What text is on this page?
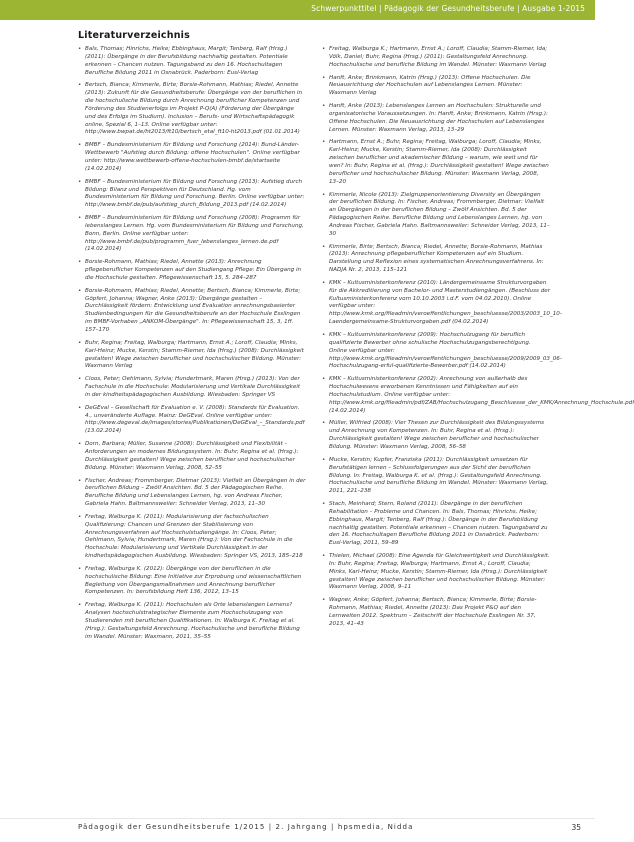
Schwerpunkttitel | Pädagogik der Gesundheitsberufe | Ausgabe 1-2015
Literaturverzeichnis

• Bals, Thomas; Hinrichs, Heike; Ebbinghaus, Margit; Tenberg, Ralf (Hrsg.) (2011): Übergänge in der Berufsbildung nachhaltig gestalten. Potentiale erkennen – Chancen nutzen. Tagungsband zu den 16. Hochschultagen Berufliche Bildung 2011 in Osnabrück. Paderborn: Eusl-Verlag

• Bertsch, Bianca; Kimmerle, Birte; Borsie-Rohmann, Mathias; Riedel, Annette (2013): Zukunft für die Gesundheitsberufe: Übergänge von der beruflichen in die hochschulische Bildung durch Anrechnung beruflicher Kompetenzen und Förderung des Studienerfolgs im Projekt P-Q(A) (Förderung der Übergänge und des Erfolgs im Studium). Inclusion – Berufs- und Wirtschaftspädagogik online, Spezial 6, 1–13. Online verfügbar unter: http://www.bwpat.de/ht2013/ft10/bertsch_etal_ft10-ht2013.pdf (01.01.2014)

• BMBF – Bundesministerium für Bildung und Forschung (2014): Bund-Länder-Wettbewerb "Aufstieg durch Bildung: offene Hochschulen". Online verfügbar unter: http://www.wettbewerb-offene-hochschulen-bmbf.de/startseite (14.02.2014)

• BMBF – Bundesministerium für Bildung und Forschung (2013): Aufstieg durch Bildung: Bilanz und Perspektiven für Deutschland. Hg. vom Bundesministerium für Bildung und Forschung. Berlin. Online verfügbar unter: http://www.bmbf.de/pub/aufstieg_durch_Bildung_2013.pdf (14.02.2014)

• BMBF – Bundesministerium für Bildung und Forschung (2008): Programm für lebenslanges Lernen. Hg. vom Bundesministerium für Bildung und Forschung, Bonn, Berlin. Online verfügbar unter: http://www.bmbf.de/pub/programm_fuer_lebenslanges_lernen.de.pdf (14.02.2014)

• Borsie-Rohmann, Mathias; Riedel, Annette (2013): Anrechnung pflegeberuflicher Kompetenzen auf den Studiengang Pflege: Ein Übergang in die Hochschule gestalten. Pflegewissenschaft 15, 5. 284–287

• Borsie-Rohmann, Mathias; Riedel, Annette; Bertsch, Bianca; Kimmerle, Birte; Göpfert, Johanna; Wagner, Anke (2013): Übergänge gestalten – Durchlässigkeit fördern: Entwicklung und Evaluation anrechnungsbasierter Studienbedingungen für die Gesundheitsberufe an der Hochschule Esslingen im BMBF-Vorhaben „ANKOM-Übergänge". In: Pflegewissenschaft 15, 3, 1ff. 157–170

• Buhr, Regina; Freitag, Walburga; Hartmann, Ernst A.; Loroff, Claudia; Minks, Karl-Heinz; Mucke, Kerstin; Stamm-Riemer, Ida (Hrsg.) (2008): Durchlässigkeit gestalten! Wege zwischen beruflicher und hochschulischer Bildung. Münster: Waxmann Verlag

• Cloos, Peter; Oehlmann, Sylvia; Hundertmark, Maren (Hrsg.) (2013): Von der Fachschule in die Hochschule: Modularisierung und Vertikale Durchlässigkeit in der kindheitspädagogischen Ausbildung. Wiesbaden: Springer VS

• DeGEval – Gesellschaft für Evaluation e. V. (2008): Standards für Evaluation. 4., unveränderte Auflage. Mainz: DeGEval. Online verfügbar unter: http://www.degeval.de/images/stories/Publikationen/DeGEval_–_Standards.pdf (13.02.2014)

• Dorn, Barbara; Müller, Susanne (2008): Durchlässigkeit und Flexibilität – Anforderungen an modernes Bildungssystem. In: Buhr, Regina et al. (Hrsg.): Durchlässigkeit gestalten! Wege zwischen beruflicher und hochschulischer Bildung. Münster: Waxmann Verlag, 2008, 52–55

• Fischer, Andreas; Frommberger, Dietmar (2013): Vielfalt an Übergängen in der beruflichen Bildung – Zwölf Ansichten. Bd. 5 der Pädagogischen Reihe. Berufliche Bildung und Lebenslanges Lernen, hg. von Andreas Fischer, Gabriela Hahn. Baltmannsweiler: Schneider Verlag, 2013, 11–30

• Freitag, Walburga K. (2011): Modularisierung der fachschulischen Qualifizierung: Chancen und Grenzen der Stabilisierung von Anrechnungsverfahren auf Hochschulstudiengänge. In: Cloos, Peter; Oehlmann, Sylvia; Hundertmark, Maren (Hrsg.): Von der Fachschule in die Hochschule: Modularisierung und Vertikale Durchlässigkeit in der kindheitspädagogischen Ausbildung. Wiesbaden: Springer VS, 2013, 185–218

• Freitag, Walburga K. (2012): Übergänge von der beruflichen in die hochschulische Bildung: Eine Initiative zur Erprobung und wissenschaftlichen Begleitung von Übergangsmaßnahmen und Anrechnung beruflicher Kompetenzen. In: berufsbildung Heft 136, 2012, 13–15

• Freitag, Walburga K. (2011): Hochschulen als Orte lebenslangen Lernens? Analysen hochschulstrategischer Elemente zum Hochschulzugang von Studierenden mit beruflichen Qualifikationen. In: Walburga K. Freitag et al. (Hrsg.): Gestaltungsfeld Anrechnung. Hochschulische und berufliche Bildung im Wandel. Münster: Waxmann, 2011, 35–55

• Freitag, Walburga K.; Hartmann, Ernst A.; Loroff, Claudia; Stamm-Riemer, Ida; Völk, Daniel; Buhr, Regina (Hrsg.) (2011): Gestaltungsfeld Anrechnung. Hochschulische und berufliche Bildung im Wandel. Münster: Waxmann Verlag

• Hanft, Anke; Brinkmann, Katrin (Hrsg.) (2013): Offene Hochschulen. Die Neuausrichtung der Hochschulen auf Lebenslanges Lernen. Münster: Waxmann Verlag

• Hanft, Anke (2013): Lebenslanges Lernen an Hochschulen: Strukturelle und organisatorische Voraussetzungen. In: Hanft, Anke; Brinkmann, Katrin (Hrsg.): Offene Hochschulen. Die Neuausrichtung der Hochschulen auf Lebenslanges Lernen. Münster: Waxmann Verlag, 2013, 13–29

• Hartmann, Ernst A.; Buhr, Regina; Freitag, Walburga; Loroff, Claudia; Minks, Karl-Heinz; Mucke, Kerstin; Stamm-Riemer, Ida (2008): Durchlässigkeit zwischen beruflicher und akademischer Bildung – warum, wie weit und für wen? In: Buhr, Regina et al. (Hrsg.): Durchlässigkeit gestalten! Wege zwischen beruflicher und hochschulischer Bildung. Münster: Waxmann Verlag, 2008, 13–20

• Kimmerle, Nicole (2013): Zielgruppenorientierung Diversity an Übergängen der beruflichen Bildung. In: Fischer, Andreas; Frommberger, Dietmar: Vielfalt an Übergängen in der beruflichen Bildung – Zwölf Ansichten. Bd. 5 der Pädagogischen Reihe. Berufliche Bildung und Lebenslanges Lernen, hg. von Andreas Fischer, Gabriela Hahn. Baltmannsweiler: Schneider Verlag, 2013, 11–30

• Kimmerle, Birte; Bertsch, Bianca; Riedel, Annette; Borsie-Rohmann, Mathias (2013): Anrechnung pflegeberuflicher Kompetenzen auf ein Studium. Darstellung und Reflexion eines systematischen Anrechnungsverfahrens. In: NADJA Nr. 2, 2013, 115–121

• KMK – Kultusministerkonferenz (2010): Ländergemeinsame Strukturvorgaben für die Akkreditierung von Bachelor- und Masterstudiengängen. (Beschluss der Kultusministerkonferenz vom 10.10.2003 i.d.F. vom 04.02.2010). Online verfügbar unter: http://www.kmk.org/fileadmin/veroeffentlichungen_beschluesse/2003/2003_10_10-Laendergemeinsame-Strukturvorgaben.pdf (04.02.2014)

• KMK – Kultusministerkonferenz (2009): Hochschulzugang für beruflich qualifizierte Bewerber ohne schulische Hochschulzugangsberechtigung. Online verfügbar unter: http://www.kmk.org/fileadmin/veroeffentlichungen_beschluesse/2009/2009_03_06-Hochschulzugang-erful-qualifizierte-Bewerber.pdf (14.02.2014)

• KMK – Kultusministerkonferenz (2002): Anrechnung von außerhalb des Hochschulwesens erworbenen Kenntnissen und Fähigkeiten auf ein Hochschulstudium. Online verfügbar unter: http://www.kmk.org/fileadmin/pdf/ZAB/Hochschulzugang_Beschluesse_der_KMK/Anrechnung_Hochschule.pdf (14.02.2014)

• Müller, Wilfried (2008): Vier Thesen zur Durchlässigkeit des Bildungssystems und Anrechnung von Kompetenzen. In: Buhr, Regina et al. (Hrsg.): Durchlässigkeit gestalten! Wege zwischen beruflicher und hochschulischer Bildung. Münster: Waxmann Verlag, 2008, 56–58

• Mucke, Kerstin; Kupfer, Franziska (2011): Durchlässigkeit umsetzen für Berufstätigen lernen – Schlussfolgerungen aus der Sicht der beruflichen Bildung. In: Freitag, Walburga K. et al. (Hrsg.): Gestaltungsfeld Anrechnung. Hochschulische und berufliche Bildung im Wandel. Münster: Waxmann Verlag, 2011, 221–238

• Stach, Meinhard; Stern, Roland (2011): Übergänge in der beruflichen Rehabilitation – Probleme und Chancen. In: Bals, Thomas; Hinrichs, Heike; Ebbinghaus, Margit; Tenberg, Ralf (Hrsg.): Übergänge in der Berufsbildung nachhaltig gestalten. Potentiale erkennen – Chancen nutzen. Tagungsband zu den 16. Hochschultagen Berufliche Bildung 2011 in Osnabrück. Paderborn: Eusl-Verlag, 2011, 59–89

• Thielen, Michael (2008): Eine Agenda für Gleichwertigkeit und Durchlässigkeit. In: Buhr, Regina; Freitag, Walburga; Hartmann, Ernst A.; Loroff, Claudia; Minks, Karl-Heinz; Mucke, Kerstin; Stamm-Riemer, Ida (Hrsg.): Durchlässigkeit gestalten! Wege zwischen beruflicher und hochschulischer Bildung. Münster: Waxmann Verlag, 2008, 9–11

• Wagner, Anke; Göpfert, Johanna; Bertsch, Bianca; Kimmerle, Birte; Borsie-Rohmann, Mathias; Riedel, Annette (2013): Das Projekt P&Q auf den Lernwelten 2012. Spektrum – Zeitschrift der Hochschule Esslingen Nr. 37, 2013, 41–43

Pädagogik der Gesundheitsberufe 1/2015 | 2. Jahrgang | hpsmedia, Nidda	35
